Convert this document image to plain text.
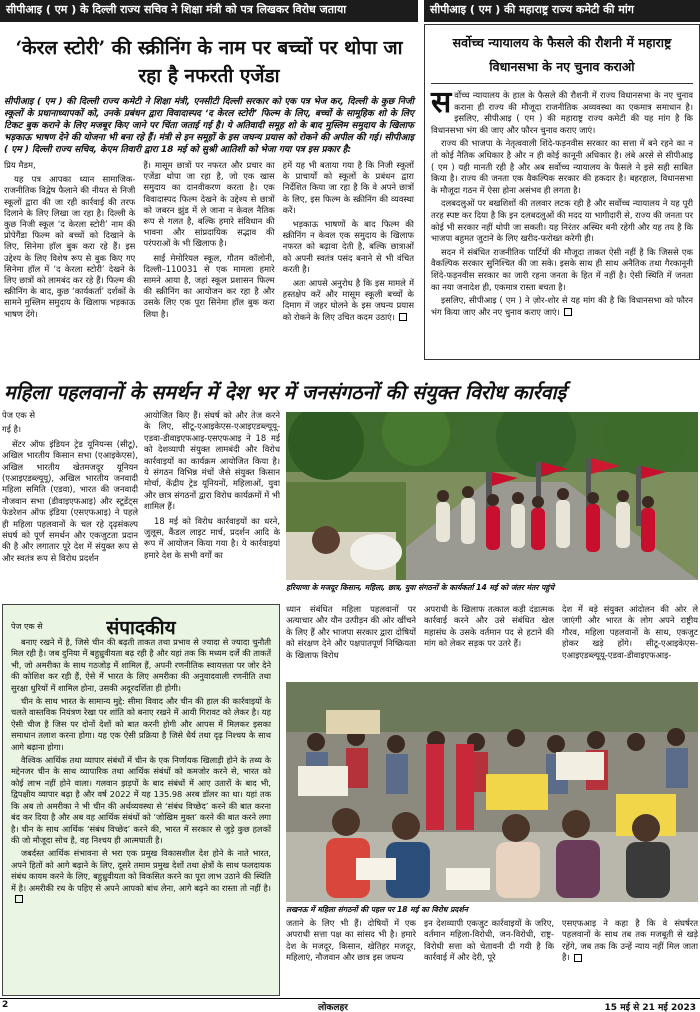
सीपीआइ ( एम ) के दिल्ली राज्य सचिव ने शिक्षा मंत्री को पत्र लिखकर विरोध जताया	सीपीआइ ( एम ) की महाराष्ट्र राज्य कमेटी की मांग
‘केरल स्टोरी’ की स्क्रीनिंग के नाम पर बच्चों पर थोपा जा रहा है नफरती एजेंडा
सीपीआइ ( एम ) की दिल्ली राज्य कमेटी ने शिक्षा मंत्री, एनसीटी दिल्ली सरकार को एक पत्र भेज कर, दिल्ली के कुछ निजी स्कूलों के प्रधानाध्यापकों को, उनके प्रबंधन द्वारा विवादास्पद ‘द केरल स्टोरी’ फिल्म के लिए, बच्चों के सामूहिक शो के लिए टिकट बुक कराने के लिए मजबूर किए जाने पर चिंता जताई गई है। ये अतिवादी समूह शो के बाद मुस्लिम समुदाय के खिलाफ भड़काऊ भाषण देने की योजना भी बना रहे हैं। मंत्री से इन समूहों के इस जघन्य प्रयास को रोकने की अपील की गई। सीपीआइ ( एम ) दिल्ली राज्य सचिव, केएम तिवारी द्वारा 18 मई को सुश्री आतिशी को भेजा गया पत्र इस प्रकार है:

प्रिय मैडम,

यह पत्र आपका ध्यान सामाजिक-राजनीतिक विद्वेष फैलाने की नीयत से निजी स्कूलों द्वारा की जा रही कार्रवाई की तरफ दिलाने के लिए लिखा जा रहा है। दिल्ली के कुछ निजी स्कूल ‘द केरला स्टोरी’ नाम की प्रोपेगैंडा फिल्म को बच्चों को दिखाने के लिए, सिनेमा हॉल बुक करा रहे हैं। इस उद्देश्य के लिए विशेष रूप से बुक किए गए सिनेमा हॉल में ‘द केरला स्टोरी’ देखने के लिए छात्रों को लामबंद कर रहे हैं। फिल्म की स्क्रीनिंग के बाद, कुछ ‘कार्यकर्ता’ दर्शकों के सामने मुस्लिम समुदाय के खिलाफ भड़काऊ भाषण देंगे।

हैं। मासूम छात्रों पर नफरत और प्रचार का एजेंडा थोपा जा रहा है, जो एक खास समुदाय का दानवीकरण करता है। एक विवादास्पद फिल्म देखने के उद्देश्य से छात्रों को जबरन झुंड में ले जाना न केवल नैतिक रूप से गलत है, बल्कि हमारे संविधान की भावना और सांप्रदायिक सद्भाव की परंपराओं के भी खिलाफ है।

साईं मेमोरियल स्कूल, गौतम कॉलोनी, दिल्ली–110031 से एक मामला हमारे सामने आया है, जहां स्कूल प्रशासन फिल्म की स्क्रीनिंग का आयोजन कर रहा है और उसके लिए एक पूरा सिनेमा हॉल बुक करा लिया है।

हमें यह भी बताया गया है कि निजी स्कूलों के प्राचार्यों को स्कूलों के प्रबंधन द्वारा निर्देशित किया जा रहा है कि वे अपने छात्रों के लिए, इस फिल्म के स्क्रीनिंग की व्यवस्था करें।

भड़काऊ भाषणों के बाद फिल्म की स्क्रीनिंग न केवल एक समुदाय के खिलाफ नफरत को बढ़ावा देती है, बल्कि छात्राओं को अपनी स्वतंत्र पसंद बनाने से भी वंचित करती है।

अतः आपसे अनुरोध है कि इस मामले में हस्तक्षेप करें और मासूम स्कूली बच्चों के दिमाग में जहर घोलने के इस जघन्य प्रयास को रोकने के लिए उचित कदम उठाएं।

सर्वोच्च न्यायालय के फैसले की रौशनी में महाराष्ट्र विधानसभा के नए चुनाव कराओ

सर्वोच्च न्यायालय के हाल के फैसले की रौशनी में राज्य विधानसभा के नए चुनाव कराना ही राज्य की मौजूदा राजनीतिक अव्यवस्था का एकमात्र समाधान है। इसलिए, सीपीआइ ( एम ) की महाराष्ट्र राज्य कमेटी की यह मांग है कि विधानसभा भंग की जाए और फौरन चुनाव कराए जाएं।

राज्य की भाजपा के नेतृत्ववाली शिंदे-फड़नवीस सरकार का सत्ता में बने रहने का न तो कोई नैतिक अधिकार है और न ही कोई कानूनी अधिकार है। लंबे अरसे से सीपीआइ ( एम ) यही मानती रही है और अब सर्वोच्च न्यायालय के फैसले ने इसे सही साबित किया है। राज्य की जनता एक वैकल्पिक सरकार की हकदार है। बहरहाल, विधानसभा के मौजूदा गठन में ऐसा होना असंभव ही लगता है।

दलबदलुओं पर बखशिशों की तलवार लटक रही है और सर्वोच्च न्यायालय ने यह पूरी तरह स्पष्ट कर दिया है कि इन दलबदलुओं की मदद या भागीदारी से, राज्य की जनता पर कोई भी सरकार नहीं थोपी जा सकती। यह निरंतर अस्थिर बनी रहेगी और यह तय है कि भाजपा बहुमत जुटाने के लिए खरीद-फरोख्त करेगी ही।

सदन में संबंधित राजनीतिक पार्टियों की मौजूदा ताकत ऐसी नहीं है कि जिससे एक वैकल्पिक सरकार सुनिश्चित की जा सके। इसके साथ ही साथ अनैतिक तथा गैरकानूनी शिंदे-फड़नवीस सरकार का जारी रहना जनता के हित में नहीं है। ऐसी स्थिति में जनता का नया जनादेश ही, एकमात्र रास्ता बचता है।

इसलिए, सीपीआइ ( एम ) ने ज़ोर-शोर से यह मांग की है कि विधानसभा को फौरन भंग किया जाए और नए चुनाव कराए जाएं।

महिला पहलवानों के समर्थन में देश भर में जनसंगठनों की संयुक्त विरोध कार्रवाई

पेज एक से

गई है।

सेंटर ऑफ इंडियन ट्रेड यूनियन्स (सीटू), अखिल भारतीय किसान सभा (एआइकेएस), अखिल भारतीय खेतमजदूर यूनियन (एआइएडब्ल्यूयू), अखिल भारतीय जनवादी महिला समिति (एडवा), भारत की जनवादी नौजवान सभा (डीवाइएफआइ) और स्टूडेंट्स फेडरेशन ऑफ इंडिया (एसएफआइ) ने पहले ही महिला पहलवानों के चल रहे दृढ़संकल्प संघर्ष को पूर्ण समर्थन और एकजुटता प्रदान की है और लगातार पूरे देश में संयुक्त रूप से और स्वतंत्र रूप से विरोध प्रदर्शन

आयोजित किए हैं। संघर्ष को और तेज करने के लिए, सीटू-एआइकेएस-एआइएडब्ल्यूयू-एडवा-डीवाइएफआइ-एसएफआइ ने 18 मई को देशव्यापी संयुक्त लामबंदी और विरोध कार्रवाइयों का कार्यक्रम आयोजित किया है। ये संगठन विभिन्न मंचों जैसे संयुक्त किसान मोर्चा, केंद्रीय ट्रेड यूनियनों, महिलाओं, युवा और छात्र संगठनों द्वारा विरोध कार्यक्रमों में भी शामिल हैं।

18 मई को विरोध कार्रवाइयों का धरने, जुलूस, कैंडल लाइट मार्च, प्रदर्शन आदि के रूप में आयोजन किया गया है। ये कार्रवाइयां हमारे देश के सभी वर्गों का

हरियाणा के मजदूर किसान, महिला, छात्र, युवा संगठनों के कार्यकर्ता 14 मई को जंतर मंतर पहुंचे
संपादकीय
पेज एक से

बनाए रखने में है, जिसे चीन की बढ़ती ताकत तथा प्रभाव से ज्यादा से ज्यादा चुनौती मिल रही है। जब दुनिया में बहुध्रुवीयता बढ़ रही है और यहां तक कि मध्यम दर्जे की ताकतें भी, जो अमरीका के साथ गठजोड़ में शामिल हैं, अपनी रणनीतिक स्वायत्तता पर जोर देने की कोशिश कर रही हैं, ऐसे में भारत के लिए अमरीका की अनुवादवाली रणनीति तथा सुरक्षा धुरियों में शामिल होना, उसकी अदूरदर्शिता ही होगी।

चीन के साथ भारत के सामान्य मुद्दे: सीमा विवाद और चीन की हाल की कार्रवाइयों के चलते वास्तविक नियंत्रण रेखा पर शांति को बनाए रखने में आयी गिरावट को लेकर है। यह ऐसी चीज है जिस पर दोनों देशों को बात करनी होगी और आपस में मिलकर इसका समाधान तलाश करना होगा। यह एक ऐसी प्रक्रिया है जिसे धैर्य तथा दृढ़ निश्चय के साथ आगे बढ़ाना होगा।

वैश्विक आर्थिक तथा व्यापार संबंधों में चीन के एक निर्णायक खिलाड़ी होने के तथ्य के मद्देनजर चीन के साथ व्यापारिक तथा आर्थिक संबंधों को कमजोर करने से, भारत को कोई लाभ नहीं होने वाला। गलवान झड़पों के बाद संबंधों में आए उतारों के बाद भी, द्विपक्षीय व्यापार बढ़ा है और वर्ष 2022 में यह 135.98 अरब डॉलर का था। यहां तक कि अब तो अमरीका ने भी चीन की अर्थव्यवस्था से ‘संबंध विच्छेद’ करने की बात करना बंद कर दिया है और अब वह आर्थिक संबंधों को ‘जोखिम मुक्त’ करने की बात करने लगा है। चीन के साथ आर्थिक ‘संबंध विच्छेद’ करने की, भारत में सरकार से जुड़े कुछ हलकों की जो मौजूदा सोच है, वह निश्चय ही आत्मघाती है।

जबर्दस्त आर्थिक संभावना से भरा एक प्रमुख विकासशील देश होने के नाते भारत, अपने हितों को आगे बढ़ाने के लिए, दूसरे तमाम प्रमुख देशों तथा क्षेत्रों के साथ फलदायक संबंध कायम करने के लिए, बहुध्रुवीयता को विकसित करने का पूरा लाभ उठाने की स्थिति में है। अमरीकी रथ के पहिए से अपने आपको बांध लेना, आगे बढ़ने का रास्ता तो नहीं है।

ध्यान संबंधित महिला पहलवानों पर अत्याचार और यौन उत्पीड़न की ओर खींचने के लिए हैं और भाजपा सरकार द्वारा दोषियों को संरक्षण देने और पक्षपातपूर्ण निष्क्रियता के खिलाफ विरोध
अपराधी के खिलाफ तत्काल कड़ी दंडात्मक कार्रवाई करने और उसे संबंधित खेल महासंघ के उसके वर्तमान पद से हटाने की मांग को लेकर सड़क पर उतरे हैं।
देश में बड़े संयुक्त आंदोलन की ओर ले जाएंगी और भारत के लोग अपने राष्ट्रीय गौरव, महिला पहलवानों के साथ, एकजुट होकर खड़े होंगे। सीटू-एआइकेएस-एआइएडब्ल्यूयू-एडवा-डीवाइएफआइ-
लखनऊ में महिला संगठनों की पहल पर 18 मई का विरोध प्रदर्शन
जताने के लिए भी हैं। दोषियों में एक अपराधी सत्ता पक्ष का सांसद भी है। हमारे देश के मजदूर, किसान, खेतिहर मजदूर, महिलाएं, नौजवान और छात्र इस जघन्य
इन देशव्यापी एकजुट कार्रवाइयों के जरिए, वर्तमान महिला-विरोधी, जन-विरोधी, राष्ट्र-विरोधी सत्ता को चेतावनी दी गयी है कि कार्रवाई में और देरी, पूरे
एसएफआइ ने कहा है कि वे संघर्षरत पहलवानों के साथ तब तक मजबूती से खड़े रहेंगे, जब तक कि उन्हें न्याय नहीं मिल जाता है।
2	लोकलहर	15 मई से 21 मई 2023
